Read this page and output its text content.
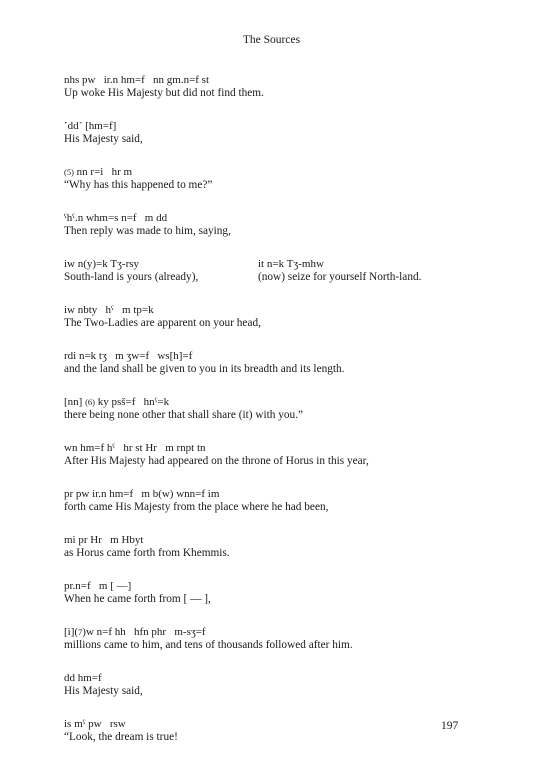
The Sources
nhs pw   ir.n hm=f   nn gm.n=f st
Up woke His Majesty but did not find them.
˹dd˺ [hm=f]
His Majesty said,
(5) nn r=i   hr m
“Why has this happened to me?”
ˁhˁ.n whm=s n=f   m dd
Then reply was made to him, saying,
iw n(y)=k Tʒ-rsy	it n=k Tʒ-mhw
South-land is yours (already),	(now) seize for yourself North-land.
iw nbty   hˁ   m tp=k
The Two-Ladies are apparent on your head,
rdi n=k tʒ   m ʒw=f   ws[h]=f
and the land shall be given to you in its breadth and its length.
[nn] (6) ky psš=f   hnˁ=k
there being none other that shall share (it) with you.”
wn hm=f hˁ   hr st Hr   m rnpt tn
After His Majesty had appeared on the throne of Horus in this year,
pr pw ir.n hm=f   m b(w) wnn=f im
forth came His Majesty from the place where he had been,
mi pr Hr   m Hbyt
as Horus came forth from Khemmis.
pr.n=f   m [ —]
When he came forth from [ — ],
[i](7)w n=f hh   hfn phr   m-sʒ=f
millions came to him, and tens of thousands followed after him.
dd hm=f
His Majesty said,
is mˁ pw   rsw
“Look, the dream is true!
197
